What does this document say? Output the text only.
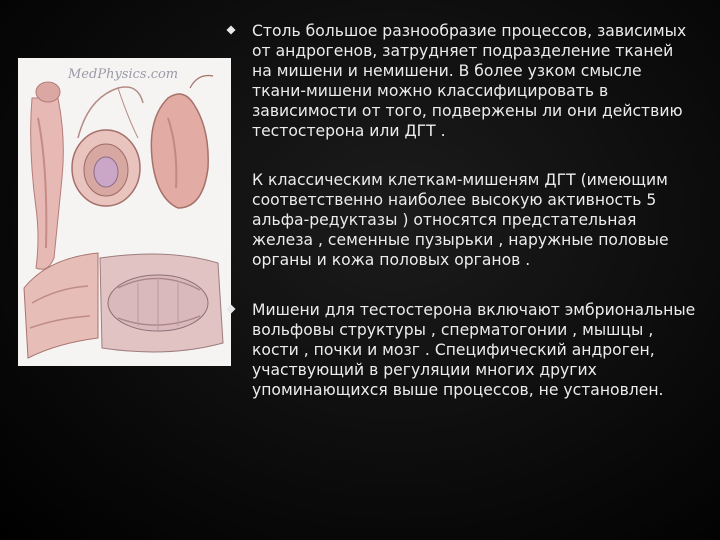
MedPhysics.com
Столь большое разнообразие процессов, зависимых от андрогенов, затрудняет подразделение тканей на мишени и немишени. В более узком смысле ткани-мишени можно классифицировать в зависимости от того, подвержены ли они действию тестостерона или ДГТ .
К классическим клеткам-мишеням ДГТ (имеющим соответственно наиболее высокую активность 5 альфа-редуктазы ) относятся предстательная железа , семенные пузырьки , наружные половые органы и кожа половых органов .
Мишени для тестостерона включают эмбриональные вольфовы структуры , сперматогонии , мышцы , кости , почки и мозг . Специфический андроген, участвующий в регуляции многих других упоминающихся выше процессов, не установлен.
